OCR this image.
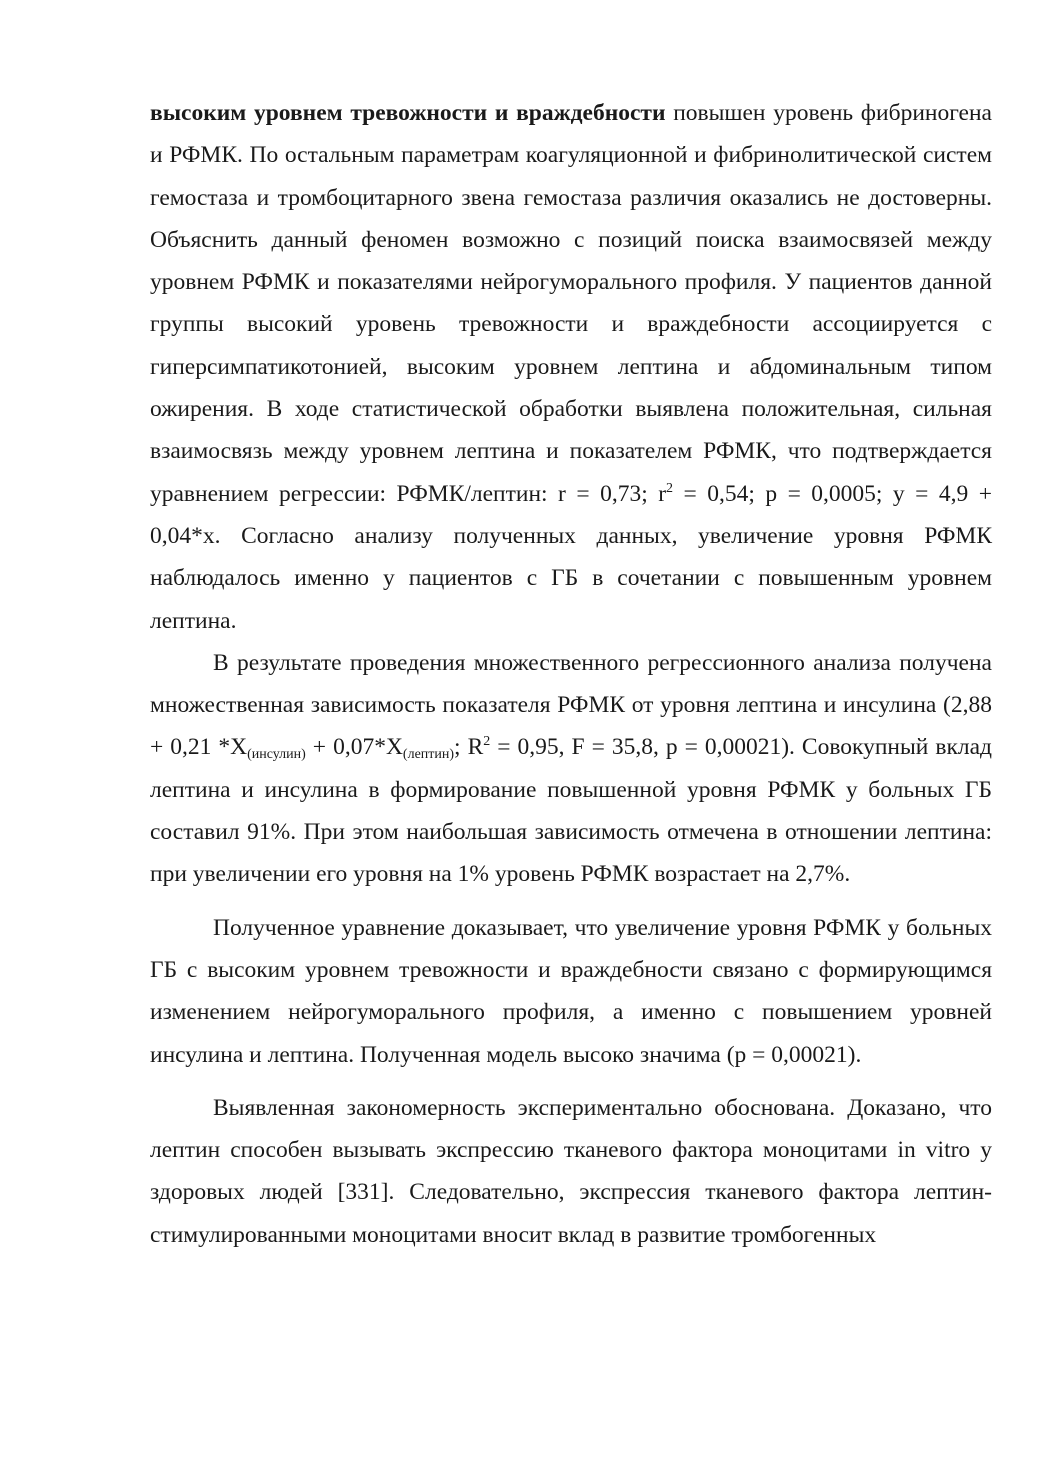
высоким уровнем тревожности и враждебности повышен уровень фибриногена и РФМК. По остальным параметрам коагуляционной и фибринолитической систем гемостаза и тромбоцитарного звена гемостаза различия оказались не достоверны. Объяснить данный феномен возможно с позиций поиска взаимосвязей между уровнем РФМК и показателями нейрогуморального профиля. У пациентов данной группы высокий уровень тревожности и враждебности ассоциируется с гиперсимпатикотонией, высоким уровнем лептина и абдоминальным типом ожирения. В ходе статистической обработки выявлена положительная, сильная взаимосвязь между уровнем лептина и показателем РФМК, что подтверждается уравнением регрессии: РФМК/лептин: r = 0,73; $r^2 = 0,54$; p = 0,0005; y = 4,9 + 0,04*x. Согласно анализу полученных данных, увеличение уровня РФМК наблюдалось именно у пациентов с ГБ в сочетании с повышенным уровнем лептина.

В результате проведения множественного регрессионного анализа получена множественная зависимость показателя РФМК от уровня лептина и инсулина (2,88 + 0,21 $*X_{(инсулин)} + 0,07*X_{(лептин)}$; $R^2 = 0,95$, F = 35,8, p = 0,00021). Совокупный вклад лептина и инсулина в формирование повышенной уровня РФМК у больных ГБ составил 91%. При этом наибольшая зависимость отмечена в отношении лептина: при увеличении его уровня на 1% уровень РФМК возрастает на 2,7%.

Полученное уравнение доказывает, что увеличение уровня РФМК у больных ГБ с высоким уровнем тревожности и враждебности связано с формирующимся изменением нейрогуморального профиля, а именно с повышением уровней инсулина и лептина. Полученная модель высоко значима (p = 0,00021).

Выявленная закономерность экспериментально обоснована. Доказано, что лептин способен вызывать экспрессию тканевого фактора моноцитами in vitro у здоровых людей [331]. Следовательно, экспрессия тканевого фактора лептин-стимулированными моноцитами вносит вклад в развитие тромбогенных
